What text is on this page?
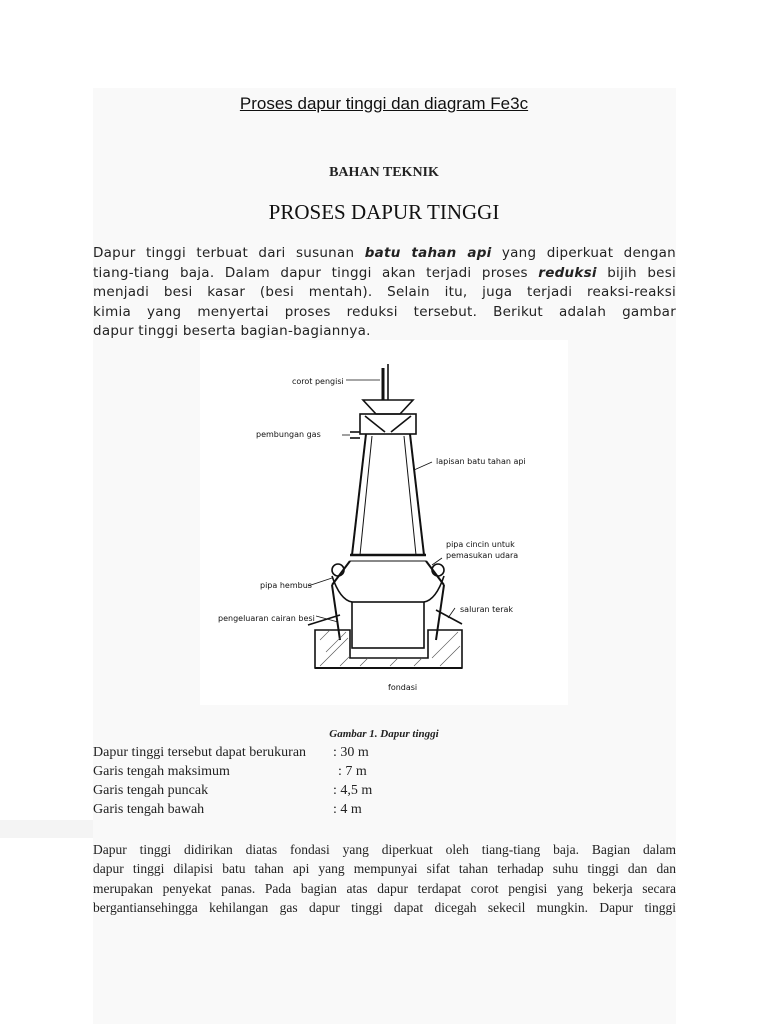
Proses dapur tinggi dan diagram Fe3c
BAHAN TEKNIK
PROSES DAPUR TINGGI
Dapur tinggi terbuat dari susunan batu tahan api yang diperkuat dengan
tiang-tiang baja. Dalam dapur tinggi akan terjadi proses reduksi bijih besi
menjadi besi kasar (besi mentah). Selain itu, juga terjadi reaksi-reaksi
kimia yang menyertai proses reduksi tersebut. Berikut adalah gambar
dapur tinggi beserta bagian-bagiannya.
corot pengisi
pembungan gas
lapisan batu tahan api
pipa cincin untuk
pemasukan udara
pipa hembus
saluran terak
pengeluaran cairan besi
fondasi
Gambar 1. Dapur tinggi
Dapur tinggi tersebut dapat berukuran : 30 m
Garis tengah maksimum	: 7 m
Garis tengah puncak	: 4,5 m
Garis tengah bawah	: 4 m
Dapur tinggi didirikan diatas fondasi yang diperkuat oleh tiang-tiang baja. Bagian dalam
dapur tinggi dilapisi batu tahan api yang mempunyai sifat tahan terhadap suhu tinggi dan dan
merupakan penyekat panas. Pada bagian atas dapur terdapat corot pengisi yang bekerja secara
bergantiansehingga kehilangan gas dapur tinggi dapat dicegah sekecil mungkin. Dapur tinggi
